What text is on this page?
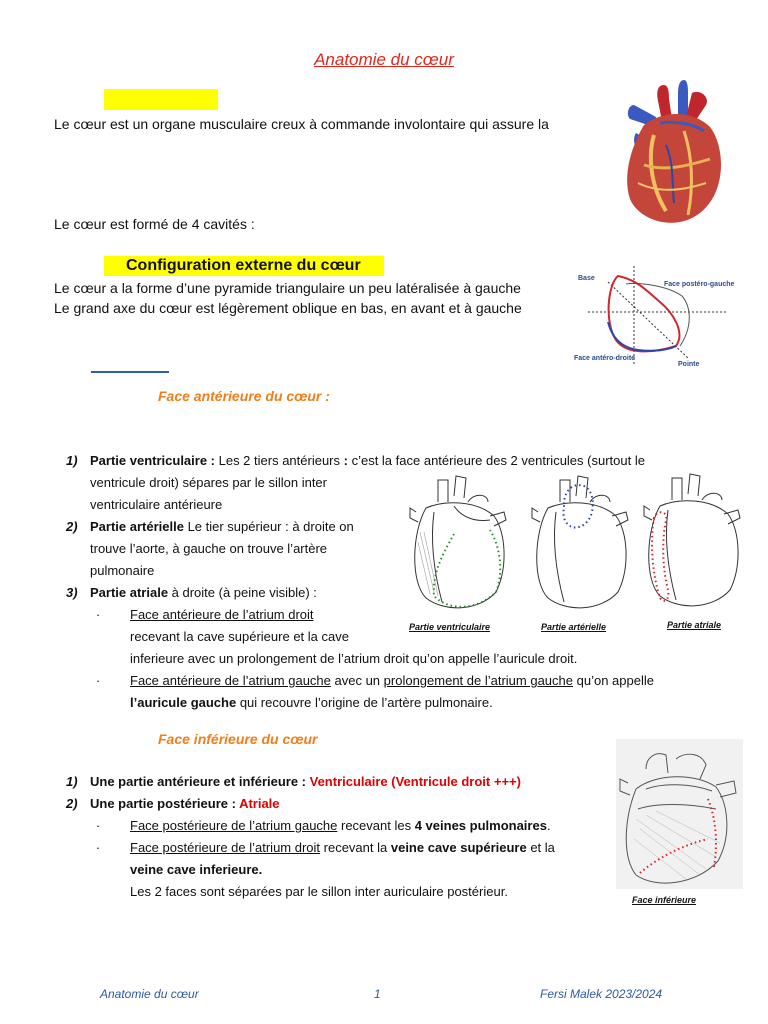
Anatomie du cœur
Le cœur est un organe musculaire creux à commande involontaire qui assure la
Le cœur est formé de 4 cavités :
Configuration externe du cœur
Le cœur a la forme d’une pyramide triangulaire un peu latéralisée à gauche
Le grand axe du cœur est légèrement oblique en bas, en avant et à gauche
Base
Face postéro-gauche
Face antéro-droite
Pointe
Face antérieure du cœur :
1) Partie ventriculaire : Les 2 tiers antérieurs : c’est la face antérieure des 2 ventricules (surtout le
ventricule droit) sépares par le sillon inter
ventriculaire antérieure
2) Partie artérielle Le tier supérieur : à droite on
trouve l’aorte, à gauche on trouve l’artère
pulmonaire
3) Partie atriale à droite (à peine visible) :
· Face antérieure de l’atrium droit
recevant la cave supérieure et la cave
inferieure avec un prolongement de l’atrium droit qu’on appelle l’auricule droit.
· Face antérieure de l’atrium gauche avec un prolongement de l’atrium gauche qu’on appelle
l’auricule gauche qui recouvre l’origine de l’artère pulmonaire.
Partie ventriculaire	Partie artérielle	Partie atriale
Face inférieure du cœur
1) Une partie antérieure et inférieure : Ventriculaire (Ventricule droit +++)
2) Une partie postérieure : Atriale
· Face postérieure de l’atrium gauche recevant les 4 veines pulmonaires.
· Face postérieure de l’atrium droit recevant la veine cave supérieure et la
veine cave inferieure.
Les 2 faces sont séparées par le sillon inter auriculaire postérieur.
Face inférieure
Anatomie du cœur	1	Fersi Malek 2023/2024
